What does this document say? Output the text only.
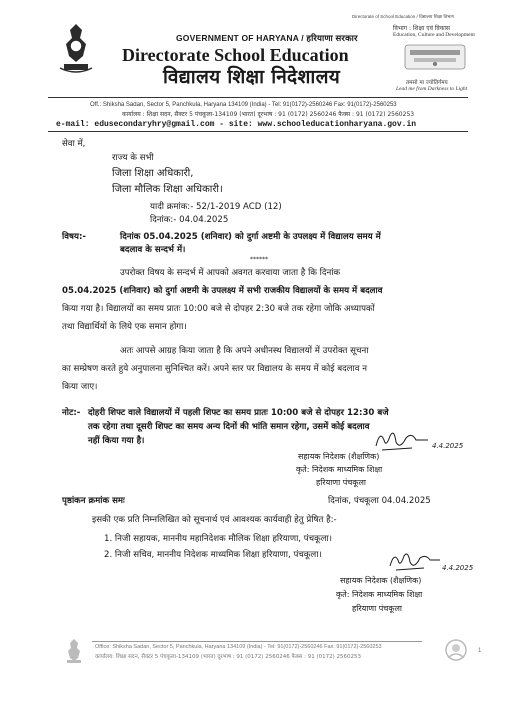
Directorate of School Education / विद्यालय शिक्षा विभाग
GOVERNMENT OF HARYANA / हरियाणा सरकार
Directorate School Education
विद्यालय शिक्षा निदेशालय
विभाग : शिक्षा एवं विकास
Education, Culture and Development
तमसो मा ज्योतिर्गमय
Lead me from Darkness to Light
Off.: Shiksha Sadan, Sector 5, Panchkula, Haryana 134109 (India) - Tel: 91(0172)-2560246 Fax: 91(0172)-2560253
कार्यालय : शिक्षा सदन, सैक्टर 5 पंचकूला-134109 (भारत) दूरभाष : 91 (0172) 2560246 फैक्स : 91 (0172) 2560253
e-mail: edusecondaryhry@gmail.com - site: www.schooleducationharyana.gov.in
सेवा में,
राज्य के सभी
जिला शिक्षा अधिकारी,
जिला मौलिक शिक्षा अधिकारी।
यादी क्रमांक:- 52/1-2019 ACD (12)
दिनांक:- 04.04.2025
विषय:-	दिनांक 05.04.2025 (शनिवार) को दुर्गा अष्टमी के उपलक्ष्य में विद्यालय समय में
बदलाव के सन्दर्भ में।
******
उपरोक्त विषय के सन्दर्भ में आपको अवगत करवाया जाता है कि दिनांक
05.04.2025 (शनिवार) को दुर्गा अष्टमी के उपलक्ष्य में सभी राजकीय विद्यालयों के समय में बदलाव
किया गया है। विद्यालयों का समय प्रातः 10:00 बजे से दोपहर 2:30 बजे तक रहेगा जोकि अध्यापकों
तथा विद्यार्थियों के लिये एक समान होगा।
अतः आपसे आग्रह किया जाता है कि अपने अधीनस्थ विद्यालयों में उपरोक्त सूचना
का सम्प्रेषण करते हुये अनुपालना सुनिश्चित करें। अपने स्तर पर विद्यालय के समय में कोई बदलाव न
किया जाए।
नोट:- दोहरी शिफ्ट वाले विद्यालयों में पहली शिफ्ट का समय प्रातः 10:00 बजे से दोपहर 12:30 बजे
तक रहेगा तथा दूसरी शिफ्ट का समय अन्य दिनों की भांति समान रहेगा, उसमें कोई बदलाव
नहीं किया गया है।	4.4.2025
सहायक निदेशक (शैक्षणिक)
कृते: निदेशक माध्यमिक शिक्षा
हरियाणा पंचकूला
पृष्ठांकन क्रमांक समः	दिनांक, पंचकूला 04.04.2025
इसकी एक प्रति निम्नलिखित को सूचनार्थ एवं आवश्यक कार्यवाही हेतु प्रेषित है:-
1. निजी सहायक, माननीय महानिदेशक मौलिक शिक्षा हरियाणा, पंचकूला।
2. निजी सचिव, माननीय निदेशक माध्यमिक शिक्षा हरियाणा, पंचकूला।
4.4.2025
सहायक निदेशक (शैक्षणिक)
कृते: निदेशक माध्यमिक शिक्षा
हरियाणा पंचकूला
Office: Shiksha Sadan, Sector 5, Panchkula, Haryana 134109 (India) - Tel: 91(0172)-2560246 Fax: 91(0172)-2560253
कार्यालय: शिक्षा सदन, सैक्टर 5 पंचकूला-134109 (भारत) दूरभाष : 91 (0172) 2560246 फैक्स : 91 (0172) 2560253
1
